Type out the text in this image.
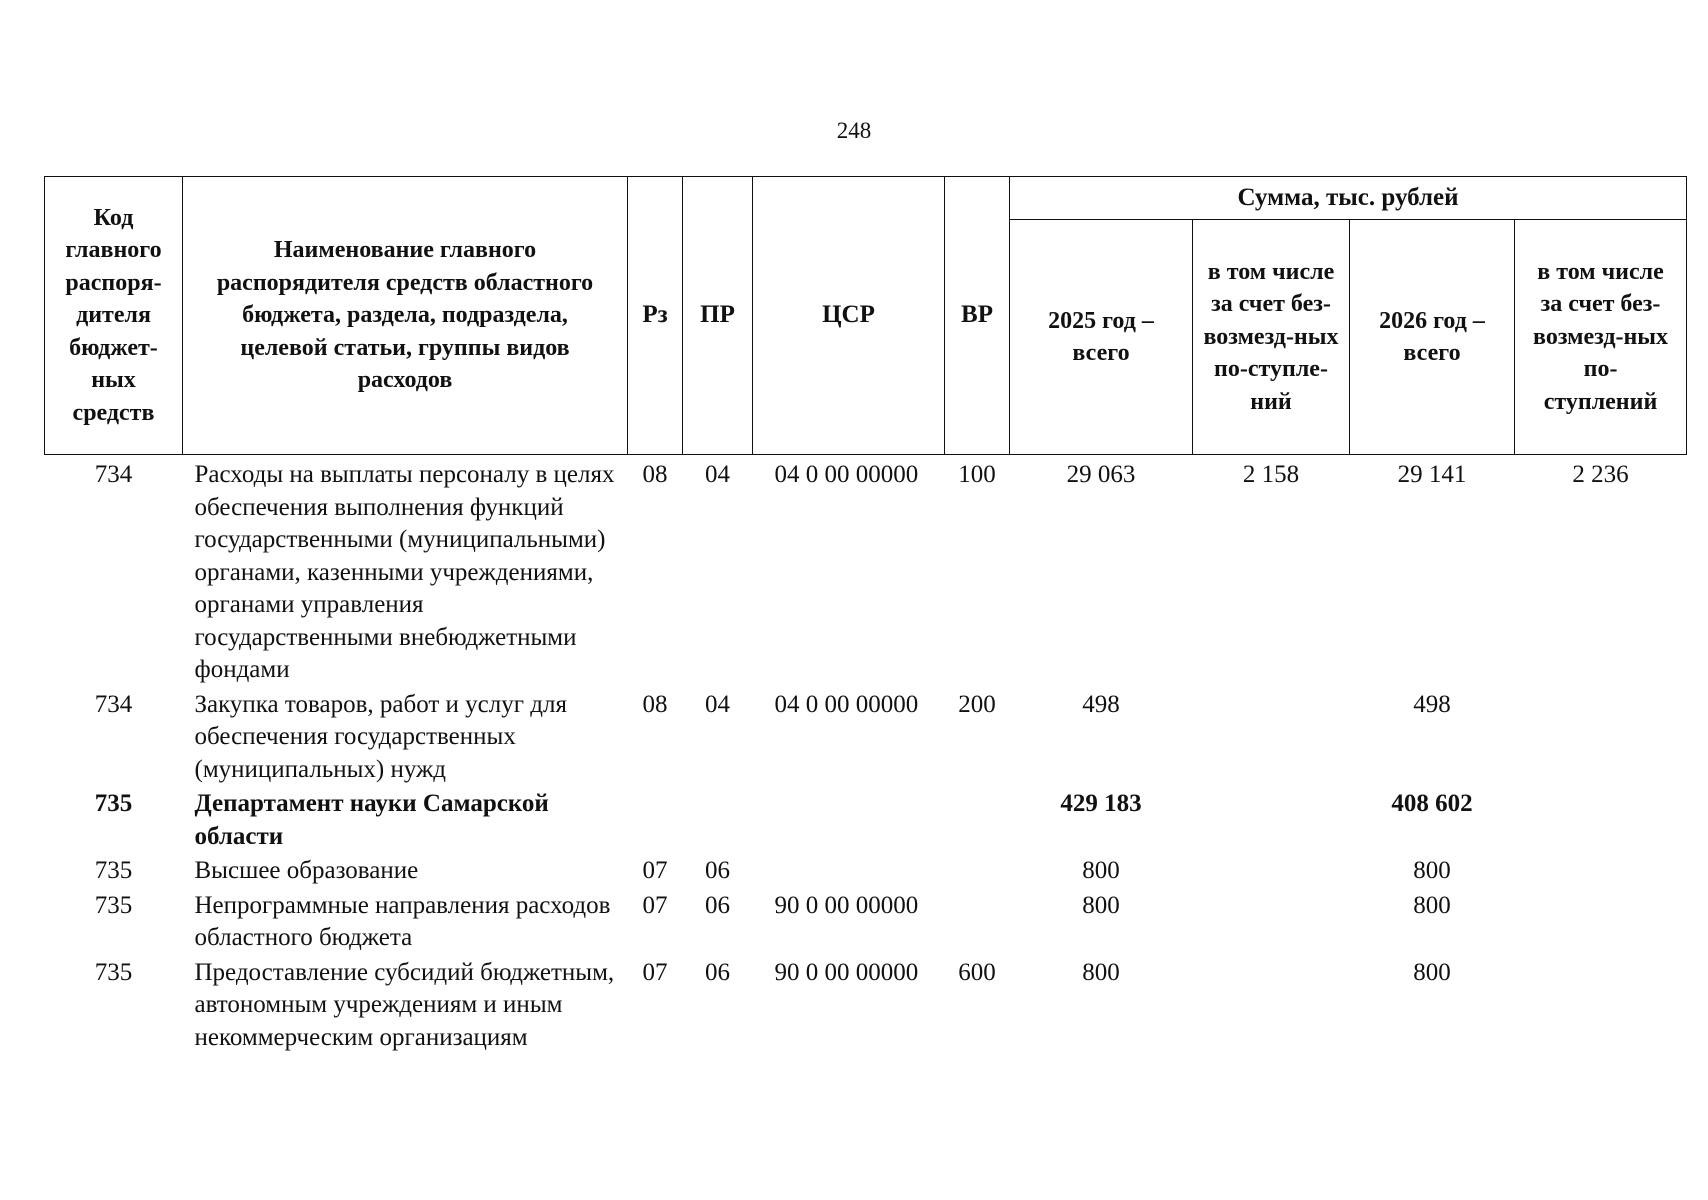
248
Код главного распоря-дителя бюджет-ных средств	Наименование главного распорядителя средств областного бюджета, раздела, подраздела, целевой статьи, группы видов расходов	Рз	ПР	ЦСР	ВР	Сумма, тыс. рублей			
						2025 год – всего	в том числе за счет без-возмезд-ных по-ступле-ний	2026 год – всего	в том числе за счет без-возмезд-ных по-ступлений
734	Расходы на выплаты персоналу в целях обеспечения выполнения функций государственными (муниципальными) органами, казенными учреждениями, органами управления государственными внебюджетными фондами	08	04	04 0 00 00000	100	29 063	2 158	29 141	2 236
734	Закупка товаров, работ и услуг для обеспечения государственных (муниципальных) нужд	08	04	04 0 00 00000	200	498		498	
735	Департамент науки Самарской области					429 183		408 602	
735	Высшее образование	07	06			800		800	
735	Непрограммные направления расходов областного бюджета	07	06	90 0 00 00000		800		800	
735	Предоставление субсидий бюджетным, автономным учреждениям и иным некоммерческим организациям	07	06	90 0 00 00000	600	800		800	
